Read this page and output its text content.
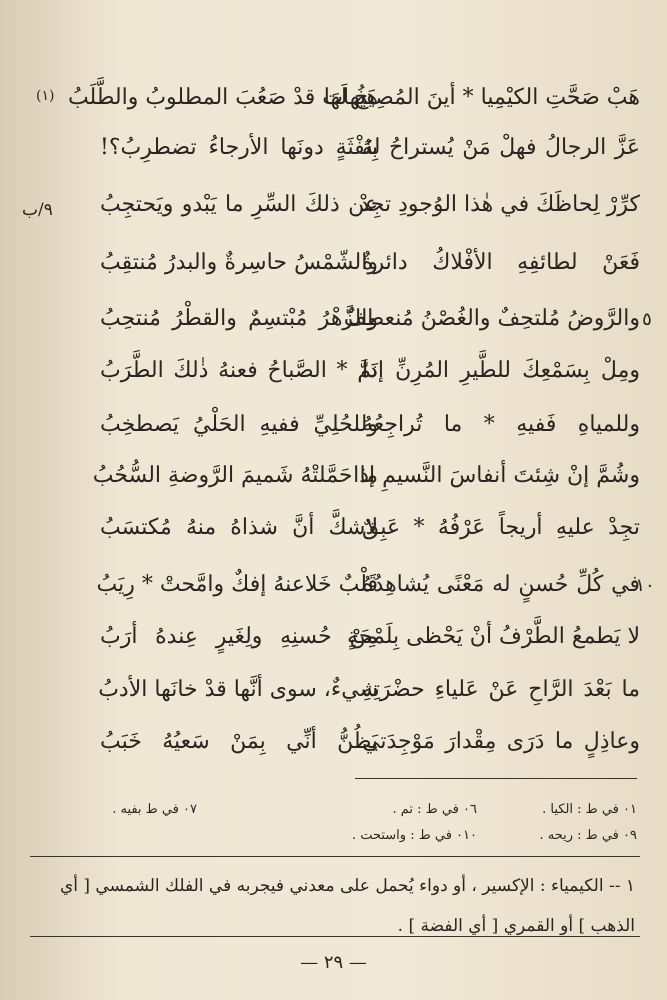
هَبْ صَحَّتِ الكيْمِيا * أينَ المُصِيخُ لَهَا
هَيهات قدْ صَعُبَ المطلوبُ والطَّلَبُ
عَزَّ الرجالُ فهلْ مَنْ يُستراحُ لهُ
بِنَفْثَةٍ دونَها الأرجاءُ تضطرِبُ؟!
كرِّرْ لِحاظَكَ في هٰذا الوُجودِ تجِدْ
عن ذلكَ السِّرِ ما يَبْدو ويَحتجِبُ
فَعَنْ لطائفِهِ الأفْلاكُ دائرةٌ
والشّمْسُ حاسِرةٌ والبدرُ مُنتقِبُ
والرَّوضُ مُلتحِفٌ والغُصْنُ مُنعطِفٌ
والزَّهْرُ مُبْتسِمٌ والقطْرُ مُنتحِبُ
ومِلْ بِسَمْعِكَ للطَّيرِ المُرِنِّ إذا
نَمَّ * الصَّباحُ فعنهُ ذٰلكَ الطَّرَبُ
وللمياهِ فَفيهِ * ما تُراجِعُهُ
وللحُلِيِّ ففيهِ الحَلْيُ يَصطخِبُ
وشُمَّ إنْ شِئتَ أنفاسَ النَّسيمِ إذا
ما حَمَّلتْهُ شَميمَ الرَّوضةِ السُّحُبُ
تجِدْ عليهِ أريجاً عَرْفُهُ * عَبِقٌ
لاشكَّ أنَّ شذاهُ منهُ مُكتسَبُ
في كُلِّ حُسنٍ له مَعْنًى يُشاهِدُهُ
قَلْبٌ خَلاعنهُ إفكٌ وامَّحتْ * رِيَبُ
لا يَطمعُ الطَّرْفُ أنْ يَحْظى بِلَمْحَةٍ
مِنْ حُسنِهِ ولِغَيرٍ عِندهُ أرَبُ
ما بَعْدَ الرَّاحِ عَنْ عَلياءِ حضْرَتِهِ
شيءٌ، سوى أنَّها قدْ خانَها الأدبُ
وعاذِلٍ ما دَرَى مِقْدارَ مَوْجِدَتي
يَظُنُّ أنِّي بِمَنْ سَعيُهُ خَبَبُ
٥
١٠
(١)
٩/ب
٠١ في ط : الكيا .
٠٦ في ط : تم .
٠٧ في ط بفيه .
٠٩ في ط : ريحه .
٠١٠ في ط : واستحت .
١ -- الكيمياء : الإكسير ، أو دواء يُحمل على معدني فيجربه في الفلك الشمسي [ أي
الذهب ] أو القمري [ أي الفضة ] .
— ٢٩ —
